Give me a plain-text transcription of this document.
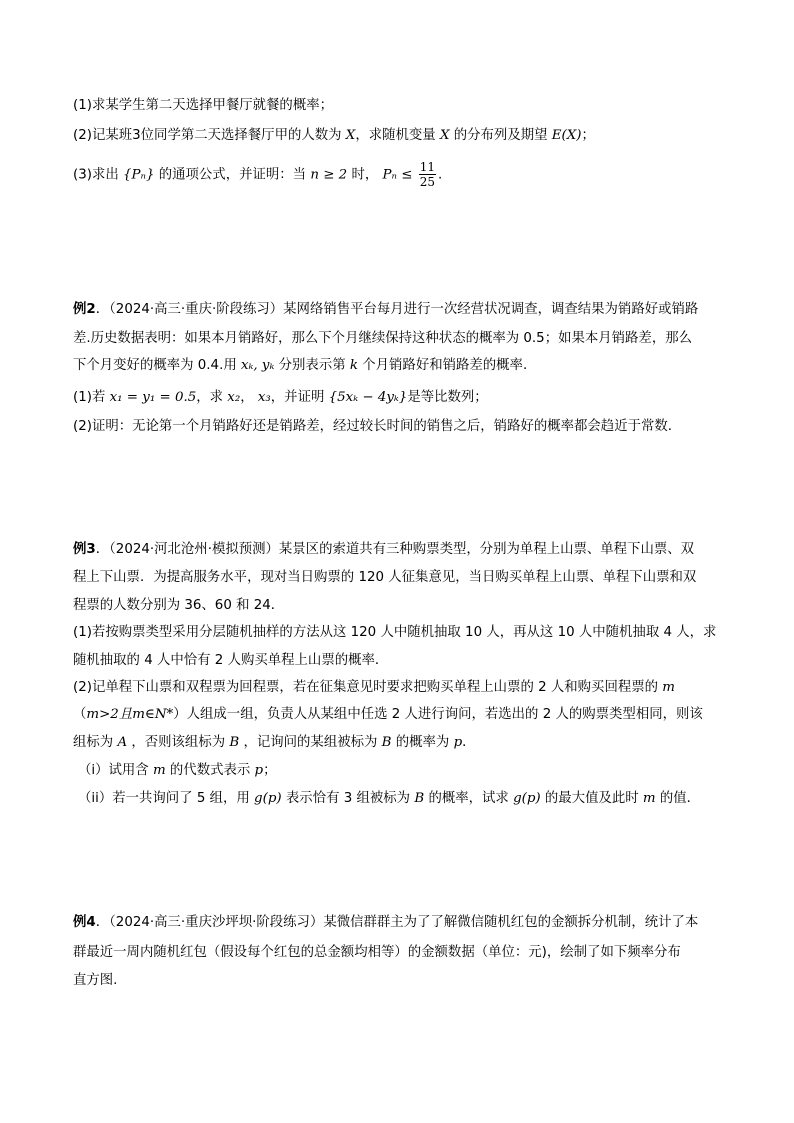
(1)求某学生第二天选择甲餐厅就餐的概率；
(2)记某班3位同学第二天选择餐厅甲的人数为 X，求随机变量 X 的分布列及期望 E(X)；
(3)求出 {Pₙ} 的通项公式，并证明：当 n ≥ 2 时， $P_n \le \frac{11}{25}$ .
例2．（2024·高三·重庆·阶段练习）某网络销售平台每月进行一次经营状况调查，调查结果为销路好或销路
差.历史数据表明：如果本月销路好，那么下个月继续保持这种状态的概率为 0.5；如果本月销路差，那么
下个月变好的概率为 0.4.用 xₖ, yₖ 分别表示第 k 个月销路好和销路差的概率.
(1)若 x₁ = y₁ = 0.5，求 x₂， x₃，并证明 {5xₖ − 4yₖ}是等比数列；
(2)证明：无论第一个月销路好还是销路差，经过较长时间的销售之后，销路好的概率都会趋近于常数.
例3．（2024·河北沧州·模拟预测）某景区的索道共有三种购票类型，分别为单程上山票、单程下山票、双
程上下山票．为提高服务水平，现对当日购票的 120 人征集意见，当日购买单程上山票、单程下山票和双
程票的人数分别为 36、60 和 24．
(1)若按购票类型采用分层随机抽样的方法从这 120 人中随机抽取 10 人，再从这 10 人中随机抽取 4 人，求
随机抽取的 4 人中恰有 2 人购买单程上山票的概率．
(2)记单程下山票和双程票为回程票，若在征集意见时要求把购买单程上山票的 2 人和购买回程票的 m
（m>2且m∈N*）人组成一组，负责人从某组中任选 2 人进行询问，若选出的 2 人的购票类型相同，则该
组标为 A ，否则该组标为 B ，记询问的某组被标为 B 的概率为 p．
（i）试用含 m 的代数式表示 p；
（ii）若一共询问了 5 组，用 g(p) 表示恰有 3 组被标为 B 的概率，试求 g(p) 的最大值及此时 m 的值．
例4．（2024·高三·重庆沙坪坝·阶段练习）某微信群群主为了了解微信随机红包的金额拆分机制，统计了本
群最近一周内随机红包（假设每个红包的总金额均相等）的金额数据（单位：元)，绘制了如下频率分布
直方图.
